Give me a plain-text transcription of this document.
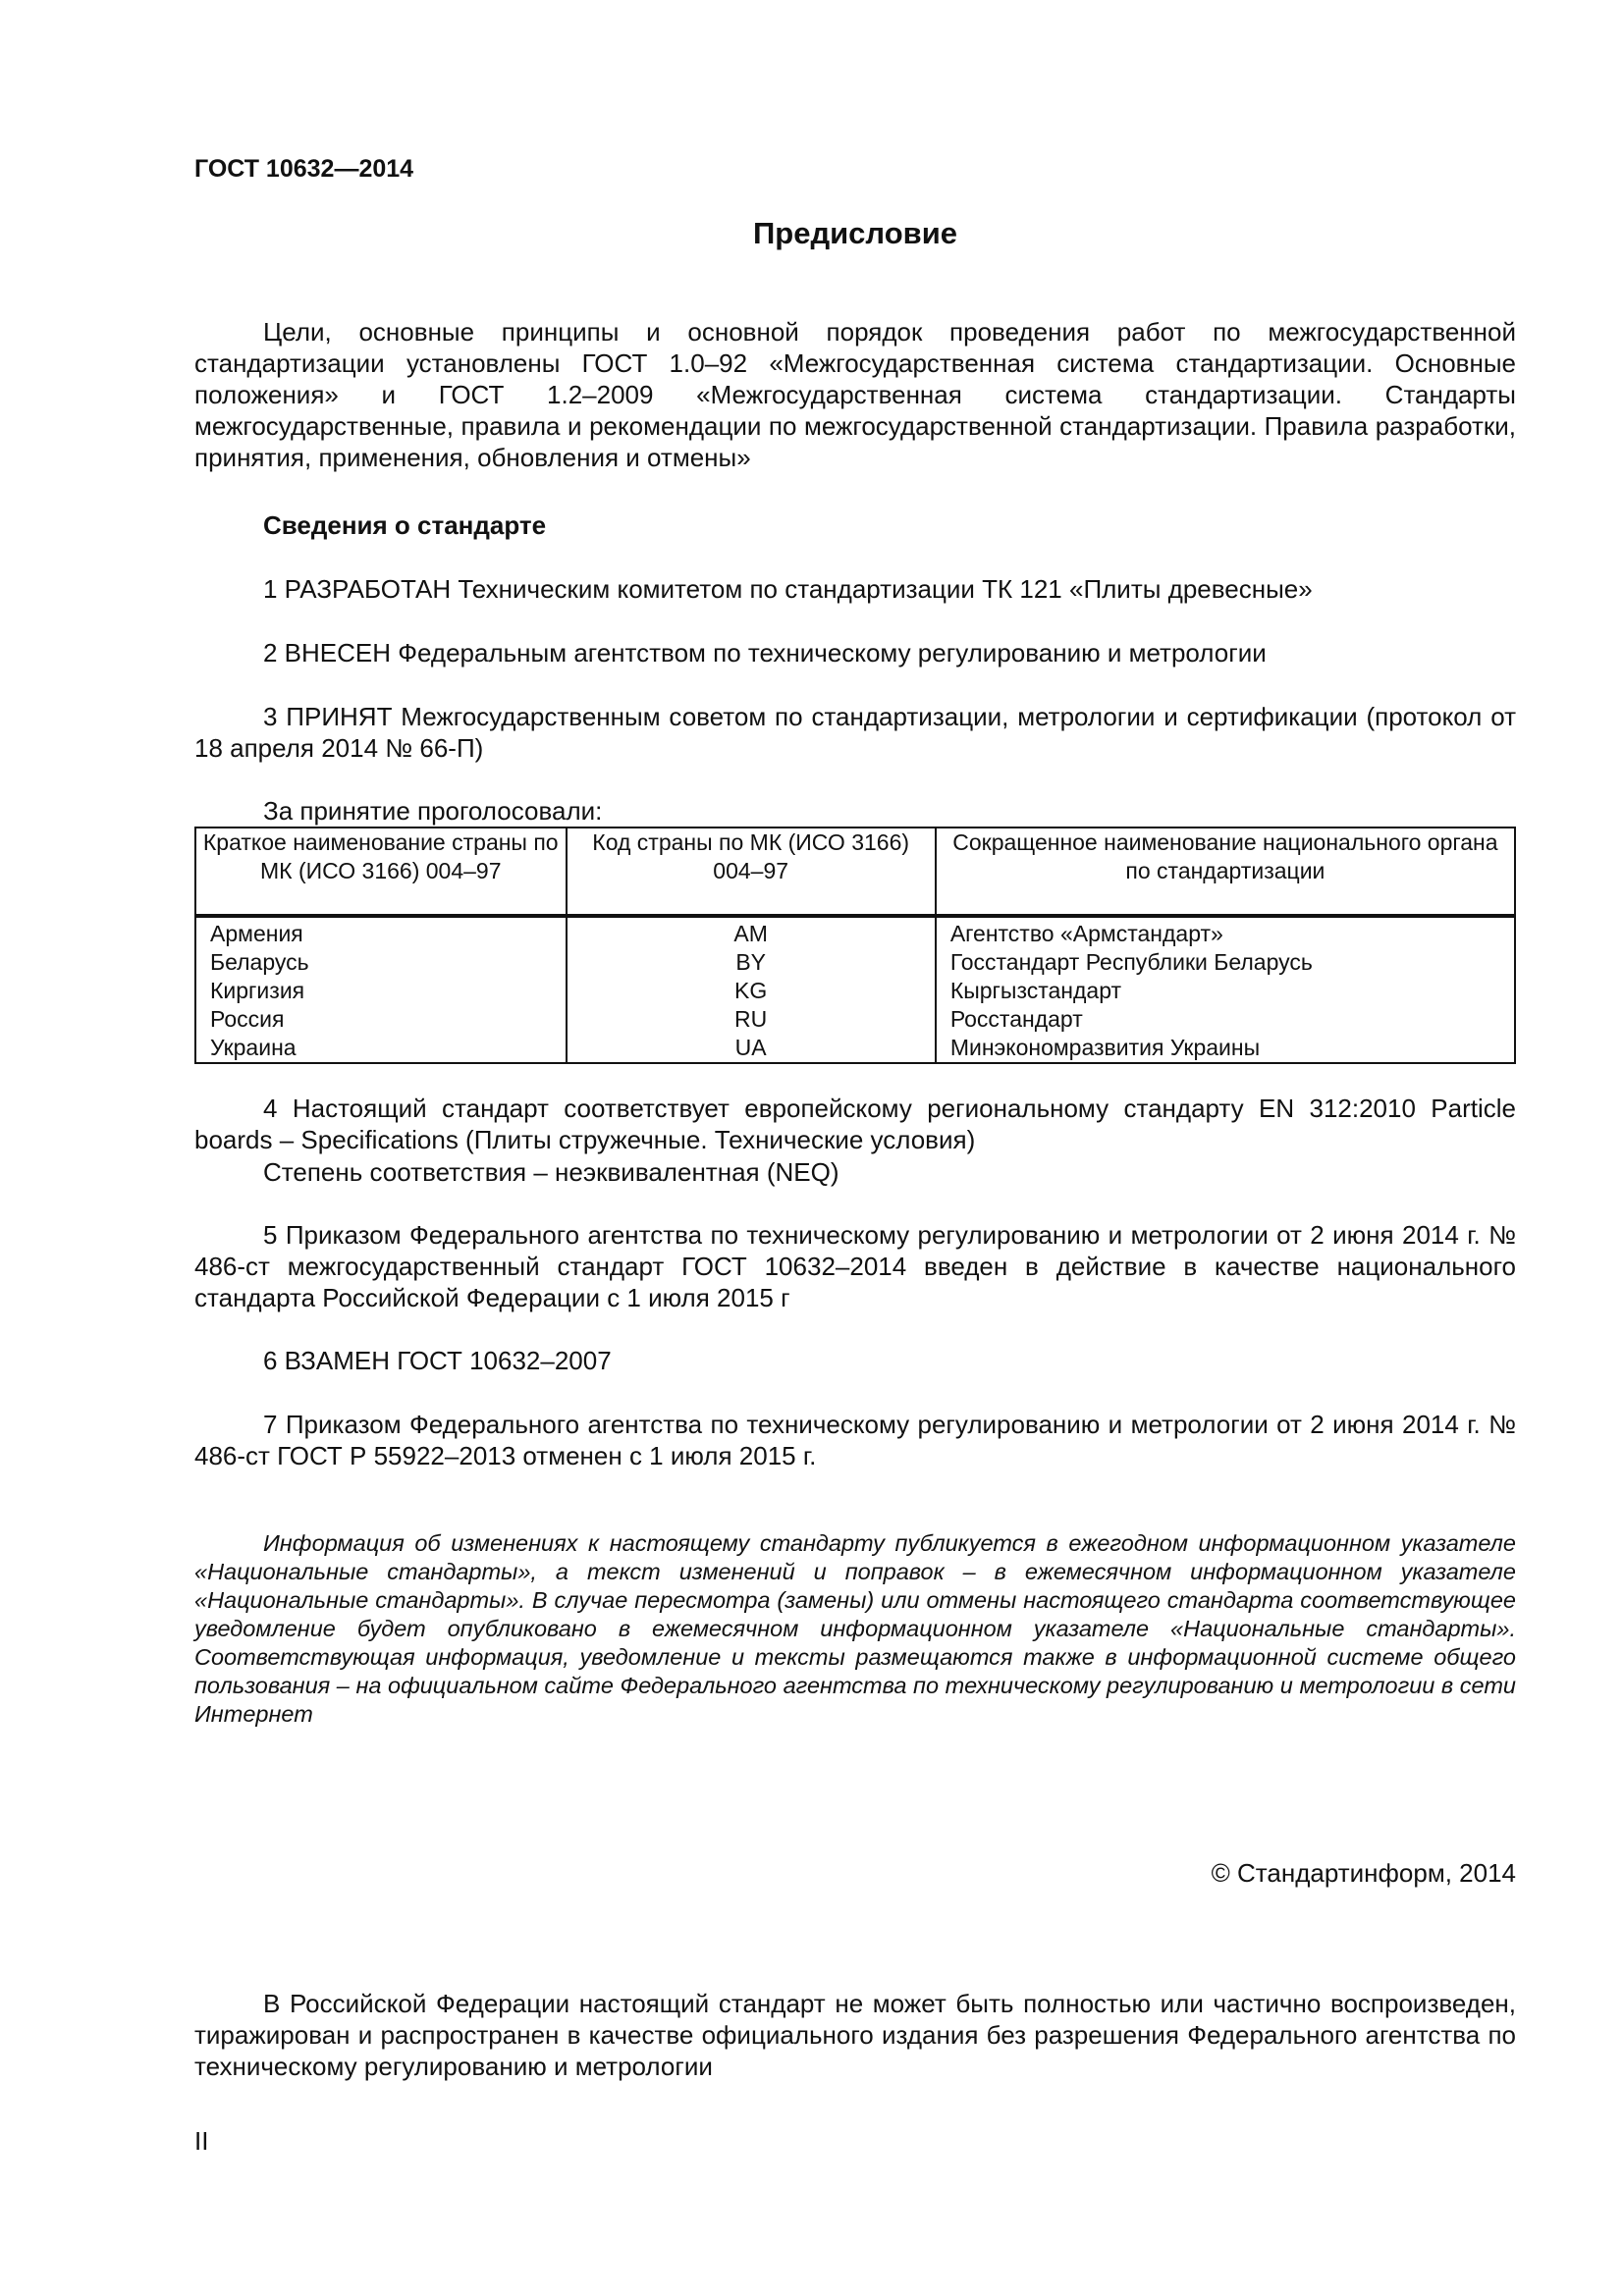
ГОСТ 10632—2014
Предисловие

Цели, основные принципы и основной порядок проведения работ по межгосударственной стандартизации установлены ГОСТ 1.0–92 «Межгосударственная система стандартизации. Основные положения» и ГОСТ 1.2–2009 «Межгосударственная система стандартизации. Стандарты межгосударственные, правила и рекомендации по межгосударственной стандартизации. Правила разработки, принятия, применения, обновления и отмены»

Сведения о стандарте

1 РАЗРАБОТАН Техническим комитетом по стандартизации ТК 121 «Плиты древесные»

2 ВНЕСЕН Федеральным агентством по техническому регулированию и метрологии

3 ПРИНЯТ Межгосударственным советом по стандартизации, метрологии и сертификации (протокол от 18 апреля 2014 № 66-П)

За принятие проголосовали:
Краткое наименование страны по МК (ИСО 3166) 004–97	Код страны по МК (ИСО 3166) 004–97	Сокращенное наименование национального органа по стандартизации
Армения	AM	Агентство «Армстандарт»
Беларусь	BY	Госстандарт Республики Беларусь
Киргизия	KG	Кыргызстандарт
Россия	RU	Росстандарт
Украина	UA	Минэкономразвития Украины

4 Настоящий стандарт соответствует европейскому региональному стандарту EN 312:2010 Particle boards – Specifications (Плиты стружечные. Технические условия)

Степень соответствия – неэквивалентная (NEQ)

5 Приказом Федерального агентства по техническому регулированию и метрологии от 2 июня 2014 г. № 486-ст межгосударственный стандарт ГОСТ 10632–2014 введен в действие в качестве национального стандарта Российской Федерации с 1 июля 2015 г

6 ВЗАМЕН ГОСТ 10632–2007

7 Приказом Федерального агентства по техническому регулированию и метрологии от 2 июня 2014 г. № 486-ст ГОСТ Р 55922–2013 отменен с 1 июля 2015 г.

Информация об изменениях к настоящему стандарту публикуется в ежегодном информационном указателе «Национальные стандарты», а текст изменений и поправок – в ежемесячном информационном указателе «Национальные стандарты». В случае пересмотра (замены) или отмены настоящего стандарта соответствующее уведомление будет опубликовано в ежемесячном информационном указателе «Национальные стандарты». Соответствующая информация, уведомление и тексты размещаются также в информационной системе общего пользования – на официальном сайте Федерального агентства по техническому регулированию и метрологии в сети Интернет

© Стандартинформ, 2014

В Российской Федерации настоящий стандарт не может быть полностью или частично воспроизведен, тиражирован и распространен в качестве официального издания без разрешения Федерального агентства по техническому регулированию и метрологии

II
